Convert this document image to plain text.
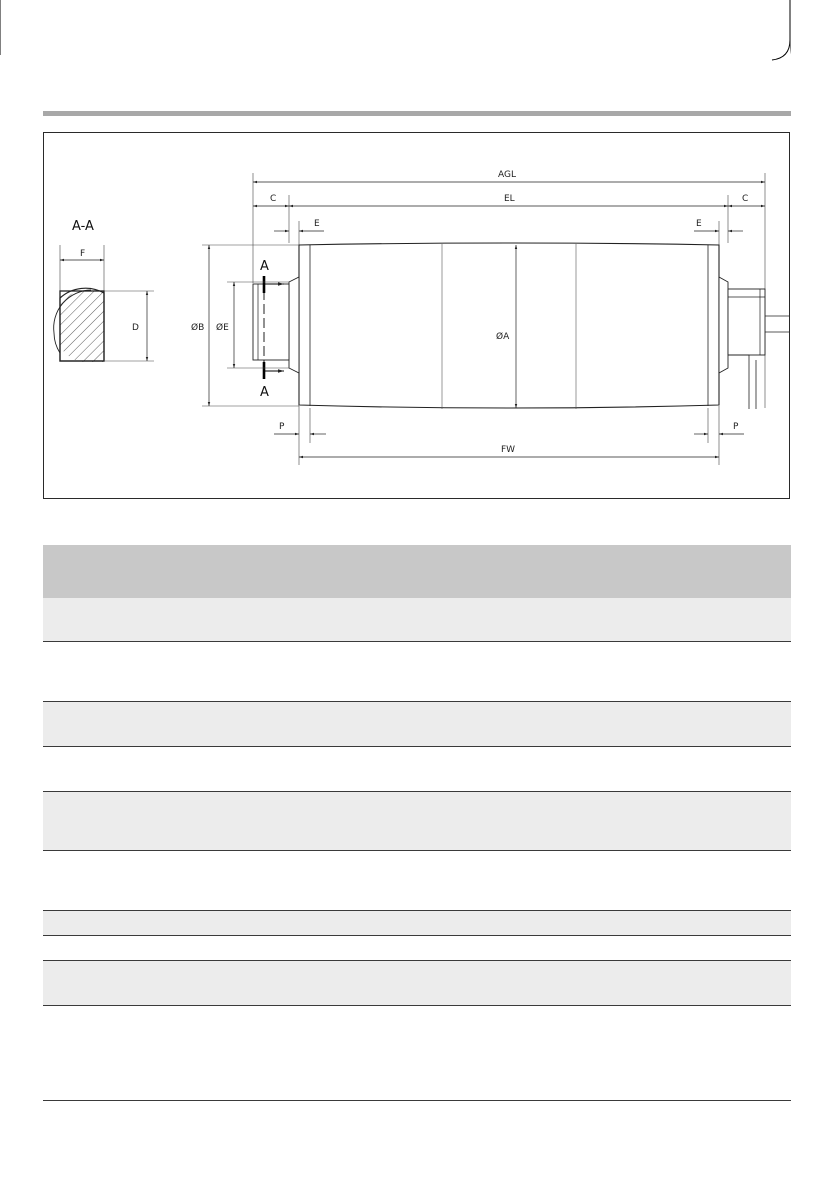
A-A
F
D
AGL
C	EL	C
E	E
A
A
ØB ØE
ØA
P	P
FW
